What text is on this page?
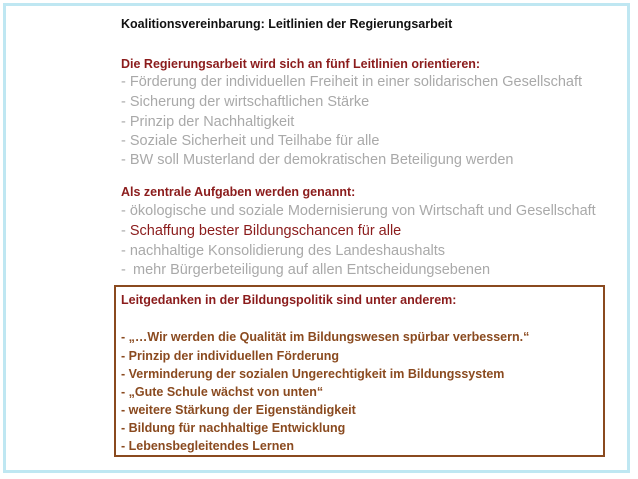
Koalitionsvereinbarung: Leitlinien der Regierungsarbeit
Die Regierungsarbeit wird sich an fünf Leitlinien orientieren:
- Förderung der individuellen Freiheit in einer solidarischen Gesellschaft
- Sicherung der wirtschaftlichen Stärke
- Prinzip der Nachhaltigkeit
- Soziale Sicherheit und Teilhabe für alle
- BW soll Musterland der demokratischen Beteiligung werden
Als zentrale Aufgaben werden genannt:
- ökologische und soziale Modernisierung von Wirtschaft und Gesellschaft
- Schaffung bester Bildungschancen für alle
- nachhaltige Konsolidierung des Landeshaushalts
- mehr Bürgerbeteiligung auf allen Entscheidungsebenen
Leitgedanken in der Bildungspolitik sind unter anderem:
- „…Wir werden die Qualität im Bildungswesen spürbar verbessern.“
- Prinzip der individuellen Förderung
- Verminderung der sozialen Ungerechtigkeit im Bildungssystem
- „Gute Schule wächst von unten“
- weitere Stärkung der Eigenständigkeit
- Bildung für nachhaltige Entwicklung
- Lebensbegleitendes Lernen
